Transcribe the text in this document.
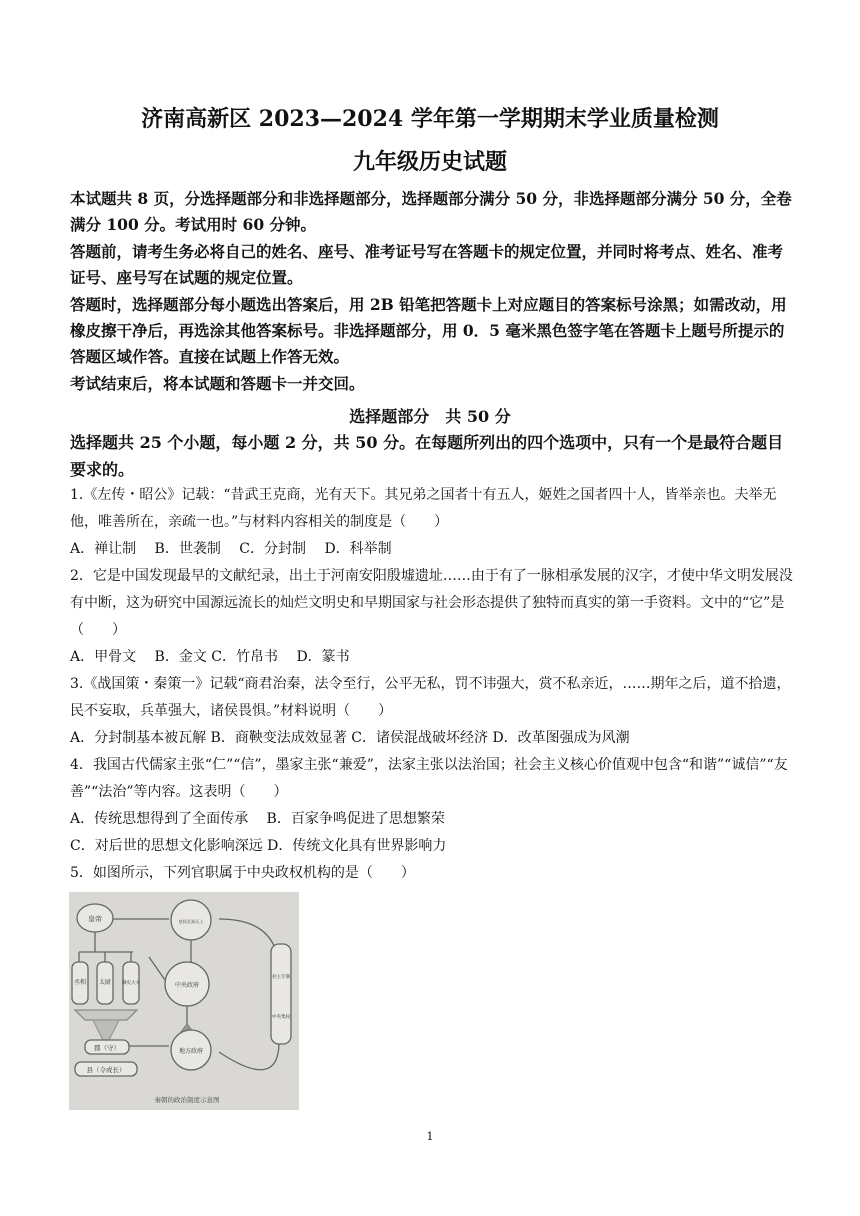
济南高新区 2023—2024 学年第一学期期末学业质量检测
九年级历史试题
本试题共 8 页，分选择题部分和非选择题部分，选择题部分满分 50 分，非选择题部分满分 50 分，全卷满分 100 分。考试用时 60 分钟。
答题前，请考生务必将自己的姓名、座号、准考证号写在答题卡的规定位置，并同时将考点、姓名、准考证号、座号写在试题的规定位置。
答题时，选择题部分每小题选出答案后，用 2B 铅笔把答题卡上对应题目的答案标号涂黑；如需改动，用橡皮擦干净后，再选涂其他答案标号。非选择题部分，用 0．5 毫米黑色签字笔在答题卡上题号所提示的答题区域作答。直接在试题上作答无效。
考试结束后，将本试题和答题卡一并交回。
选择题部分　共 50 分
选择题共 25 个小题，每小题 2 分，共 50 分。在每题所列出的四个选项中，只有一个是最符合题目要求的。
1.《左传・昭公》记载：“昔武王克商，光有天下。其兄弟之国者十有五人，姬姓之国者四十人，皆举亲也。夫举无他，唯善所在，亲疏一也。”与材料内容相关的制度是（　　）
A．禅让制　 B．世袭制　 C．分封制　 D．科举制
2．它是中国发现最早的文献纪录，出土于河南安阳殷墟遗址……由于有了一脉相承发展的汉字，才使中华文明发展没有中断，这为研究中国源远流长的灿烂文明史和早期国家与社会形态提供了独特而真实的第一手资料。文中的“它”是（　　）
A．甲骨文　 B．金文 C．竹帛书　 D．篆书
3.《战国策・秦策一》记载“商君治秦，法令至行，公平无私，罚不讳强大，赏不私亲近，……期年之后，道不拾遗，民不妄取，兵革强大，诸侯畏惧。”材料说明（　　）
A．分封制基本被瓦解 B．商鞅变法成效显著 C．诸侯混战破坏经济 D．改革图强成为风潮
4．我国古代儒家主张“仁”“信”，墨家主张“兼爱”，法家主张以法治国；社会主义核心价值观中包含“和谐”“诚信”“友善”“法治”等内容。这表明（　　）
A．传统思想得到了全面传承　 B．百家争鸣促进了思想繁荣
C．对后世的思想文化影响深远 D．传统文化具有世界影响力
5．如图所示，下列官职属于中央政权机构的是（　　）
皇帝
丞相 太尉 御史大夫
郡（守）
县（令或长）
皇权至高无上
中央政府
地方政府
君主专制
中央集权
秦朝的政治制度示意图
1
